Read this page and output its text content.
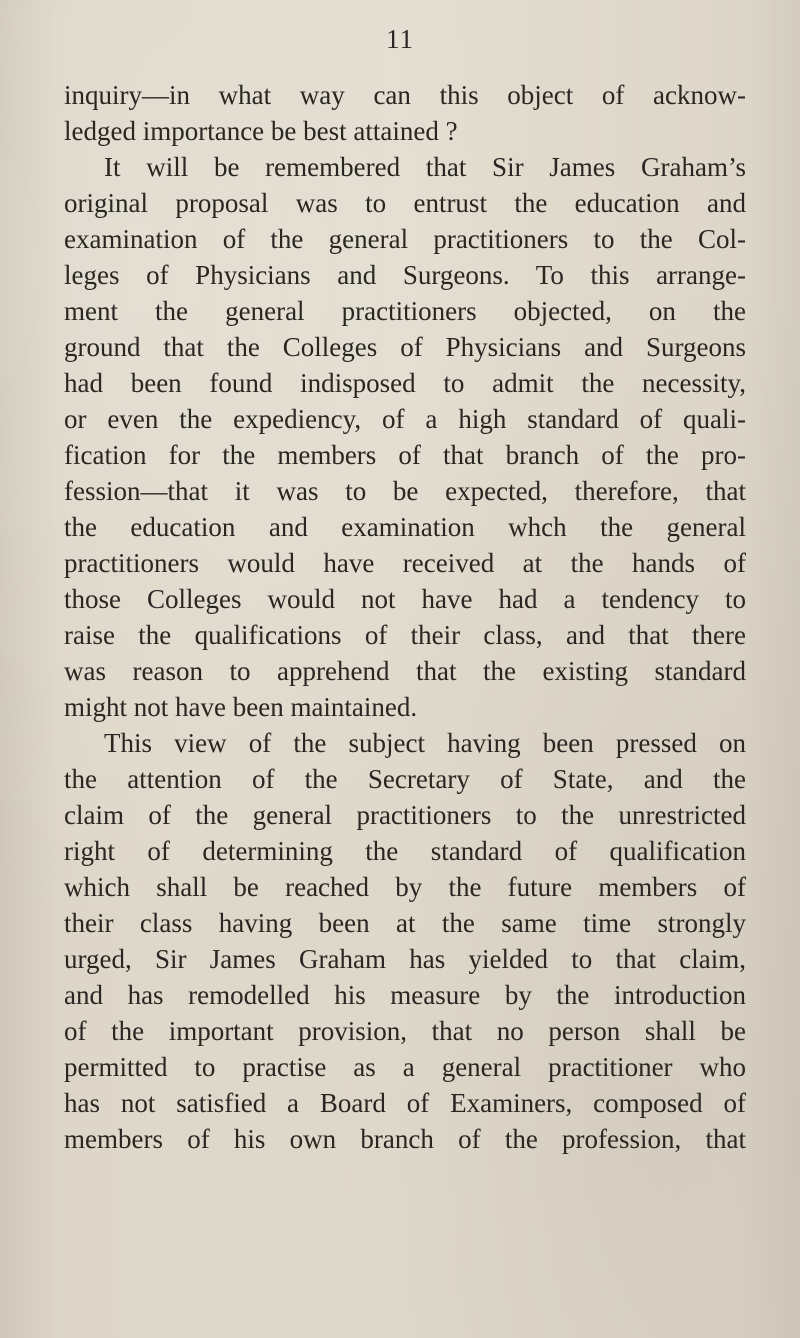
11
inquiry—in what way can this object of acknow-
ledged importance be best attained ?
It will be remembered that Sir James Graham’s
original proposal was to entrust the education and
examination of the general practitioners to the Col-
leges of Physicians and Surgeons. To this arrange-
ment the general practitioners objected, on the
ground that the Colleges of Physicians and Surgeons
had been found indisposed to admit the necessity,
or even the expediency, of a high standard of quali-
fication for the members of that branch of the pro-
fession—that it was to be expected, therefore, that
the education and examination whch the general
practitioners would have received at the hands of
those Colleges would not have had a tendency to
raise the qualifications of their class, and that there
was reason to apprehend that the existing standard
might not have been maintained.
This view of the subject having been pressed on
the attention of the Secretary of State, and the
claim of the general practitioners to the unrestricted
right of determining the standard of qualification
which shall be reached by the future members of
their class having been at the same time strongly
urged, Sir James Graham has yielded to that claim,
and has remodelled his measure by the introduction
of the important provision, that no person shall be
permitted to practise as a general practitioner who
has not satisfied a Board of Examiners, composed of
members of his own branch of the profession, that
